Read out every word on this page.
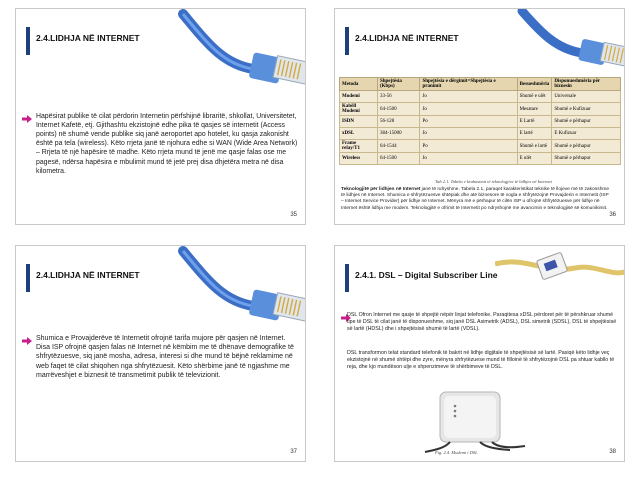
2.4.LIDHJA NË INTERNET
Hapësirat publike të cilat përdorin Internetin përfshijnë libraritë, shkollat, Universitetet, Internet Kafetë, etj. Gjithashtu ekzistojnë edhe pika të qasjes së internetit (Access points) në shumë vende publike siq janë aeroportet apo hotelet, ku qasja zakonisht është pa tela (wireless). Këto rrjeta janë të njohura edhe si WAN (Wide Area Network) – Rrjeta të një hapësire të madhe. Këto rrjeta mund të jenë me qasje falas ose me pagesë, ndërsa hapësira e mbulimit mund të jetë prej disa dhjetëra metra në disa kilometra.
35
2.4.LIDHJA NË INTERNET
Metoda	Shpejtësia (Kbps)	Shpejtësia e dërgimit=Shpejtësia e pranimit	Besueshmëria	Disponueshmëria për biznesin
Modemi	33-56	Jo	Shumë e ulët	Universale
Kabëll Modemi	64-1500	Jo	Mesatare	Shumë e Kufizuar
ISDN	56-128	Po	E Lartë	Shumë e përhapur
xDSL	384-15000	Jo	E lartë	E Kufizuar
Frame relay/T1	64-1544	Po	Shumë e lartë	Shumë e përhapur
Wireless	64-1500	Jo	E ulët	Shumë e përhapur
Tab 2.1. Tabela e krahasimit të teknologjive të lidhjes në Internet
Teknologjitë për lidhjen në Internet janë të ndryshme. Tabela 2.1, paraqet karakteristikat teknike të llojeve më të zakonshme të lidhjes në Internet. Shumica e shfrytëzuesve shtëpiak dhe atë biznesore të vogla e shfrytëzojnë Provajderin e Internetit (ISP – Internet Service Provider) për lidhje në Internet. Mënyra më e përhapur të cilën ISP u ofrojnë shfrytëzuesve për lidhje në Internet është lidhja me modem. Teknologjitë e ofrimit të Internetit po ndryshojnë me avancimin e teknologjisë së komunikimit.
36
2.4.LIDHJA NË INTERNET
Shumica e Provajderëve të Internetit ofrojnë tarifa mujore për qasjen në Internet. Disa ISP ofrojnë qasjen falas në Internet në këmbim me të dhënave demografike të shfrytëzuesve, siq janë mosha, adresa, interesi si dhe mund të bëjnë reklamime në web faqet të cilat shiqohen nga shfrytëzuesit. Këto shërbime janë të ngjashme me marrëveshjet e biznesit të transmetimit publik të televizionit.
37
2.4.1. DSL – Digital Subscriber Line
DSL Ofron Internet me qasje të shpejtë nëpër linjat telefonike. Paraqitesa xDSL përdoret për të përshkruar shumë tipe të DSL të cilat janë të disponueshme, siq janë DSL Asimetrik (ADSL), DSL simetrik (SDSL), DSL të shpejtësisë së lartë (HDSL) dhe i shpejtësisë shumë të lartë (VDSL).
DSL transformon telat standard telefonik të bakrit në lidhje digjitale të shpejtësisë së lartë. Pasiqë këto lidhje veç ekzistojnë në shumë shtëpi dhe zyre, mënyra shfrytëzuese mund të filloinë të shfrytëzojnë DSL pa shtuar kabllo të reja, dhe kjo mundëson ulje e shpenzimeve të shërbimeve të DSL.
Fig. 2.4. Modemi i DSL	38
